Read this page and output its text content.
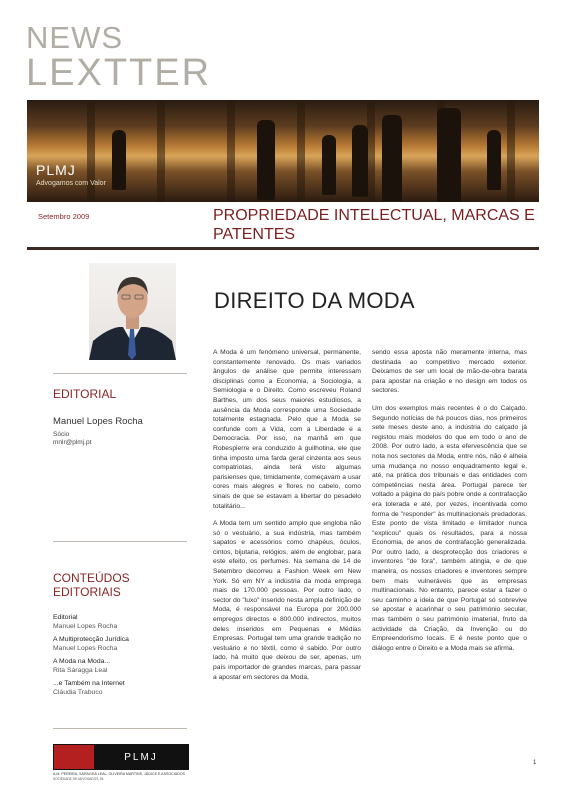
NEWS
LEXTTER
PLMJ
Advogamos com Valor
Setembro 2009	PROPRIEDADE INTELECTUAL, MARCAS E PATENTES
DIREITO DA MODA

A Moda é um fenómeno universal, permanente, constantemente renovado. Os mais variados ângulos de análise que permite interessam disciplinas como a Economia, a Sociologia, a Semiologia e o Direito. Como escreveu Roland Barthes, um dos seus maiores estudiosos, a ausência da Moda corresponde uma Sociedade totalmente estagnada. Pelo que a Moda se confunde com a Vida, com a Liberdade e a Democracia. Por isso, na manhã em que Robespierre era conduzido à guilhotina, ele que tinha imposto uma farda geral cinzenta aos seus compatriotas, ainda terá visto algumas parisienses que, timidamente, começavam a usar cores mais alegres e flores no cabelo, como sinais de que se estavam a libertar do pesadelo totalitário...

A Moda tem um sentido amplo que engloba não só o vestuário, a sua indústria, mas também sapatos e acessórios como chapéus, óculos, cintos, bijutaria, relógios, além de englobar, para este efeito, os perfumes. Na semana de 14 de Setembro decorreu a Fashion Week em New York. Só em NY a indústria da moda emprega mais de 170.000 pessoas. Por outro lado, o sector do "luxo" inserido nesta ampla definição de Moda, é responsável na Europa por 200.000 empregos directos e 800.000 indirectos, muitos deles inseridos em Pequenas e Médias Empresas. Portugal tem uma grande tradição no vestuário e no têxtil, como é sabido. Por outro lado, há muito que deixou de ser, apenas, um país importador de grandes marcas, para passar a apostar em sectores da Moda,

sendo essa aposta não meramente interna, mas destinada ao competitivo mercado exterior. Deixamos de ser um local de mão-de-obra barata para apostar na criação e no design em todos os sectores.

Um dos exemplos mais recentes é o do Calçado. Segundo notícias de há poucos dias, nos primeiros sete meses deste ano, a indústria do calçado já registou mais modelos do que em todo o ano de 2008. Por outro lado, a esta efervescência que se nota nos sectores da Moda, entre nós, não é alheia uma mudança no nosso enquadramento legal e, até, na prática dos tribunais e das entidades com competências nesta área. Portugal parece ter voltado a página do país pobre onde a contrafacção era tolerada e até, por vezes, incentivada como forma de "responder" às multinacionais predadoras. Este ponto de vista limitado e limitador nunca "explicou" quais os resultados, para a nossa Economia, de anos de contrafacção generalizada. Por outro lado, a desprotecção dos criadores e inventores "de fora", também atingia, e de que maneira, os nossos criadores e inventores sempre bem mais vulneráveis que as empresas multinacionais. No entanto, parece estar a fazer o seu caminho a ideia de que Portugal só sobrevive se apostar e acarinhar o seu património secular, mas também o seu património imaterial, fruto da actividade da Criação, da Invenção ou do Empreendorismo locais. E é neste ponto que o diálogo entre o Direito e a Moda mais se afirma.

EDITORIAL
Manuel Lopes Rocha
Sócio
mnlr@plmj.pt
CONTEÚDOS
EDITORIAIS
Editorial
Manuel Lopes Rocha
A Multiprotecção Jurídica
Manuel Lopes Rocha
A Moda na Moda...
Rita Sáragga Leal
...e Também na Internet
Cláudia Trabuco
PLMJ
A.M. PEREIRA, SÁRAGGA LEAL, OLIVEIRA MARTINS, JÚDICE E ASSOCIADOS
SOCIEDADE DE ADVOGADOS, RL
1
